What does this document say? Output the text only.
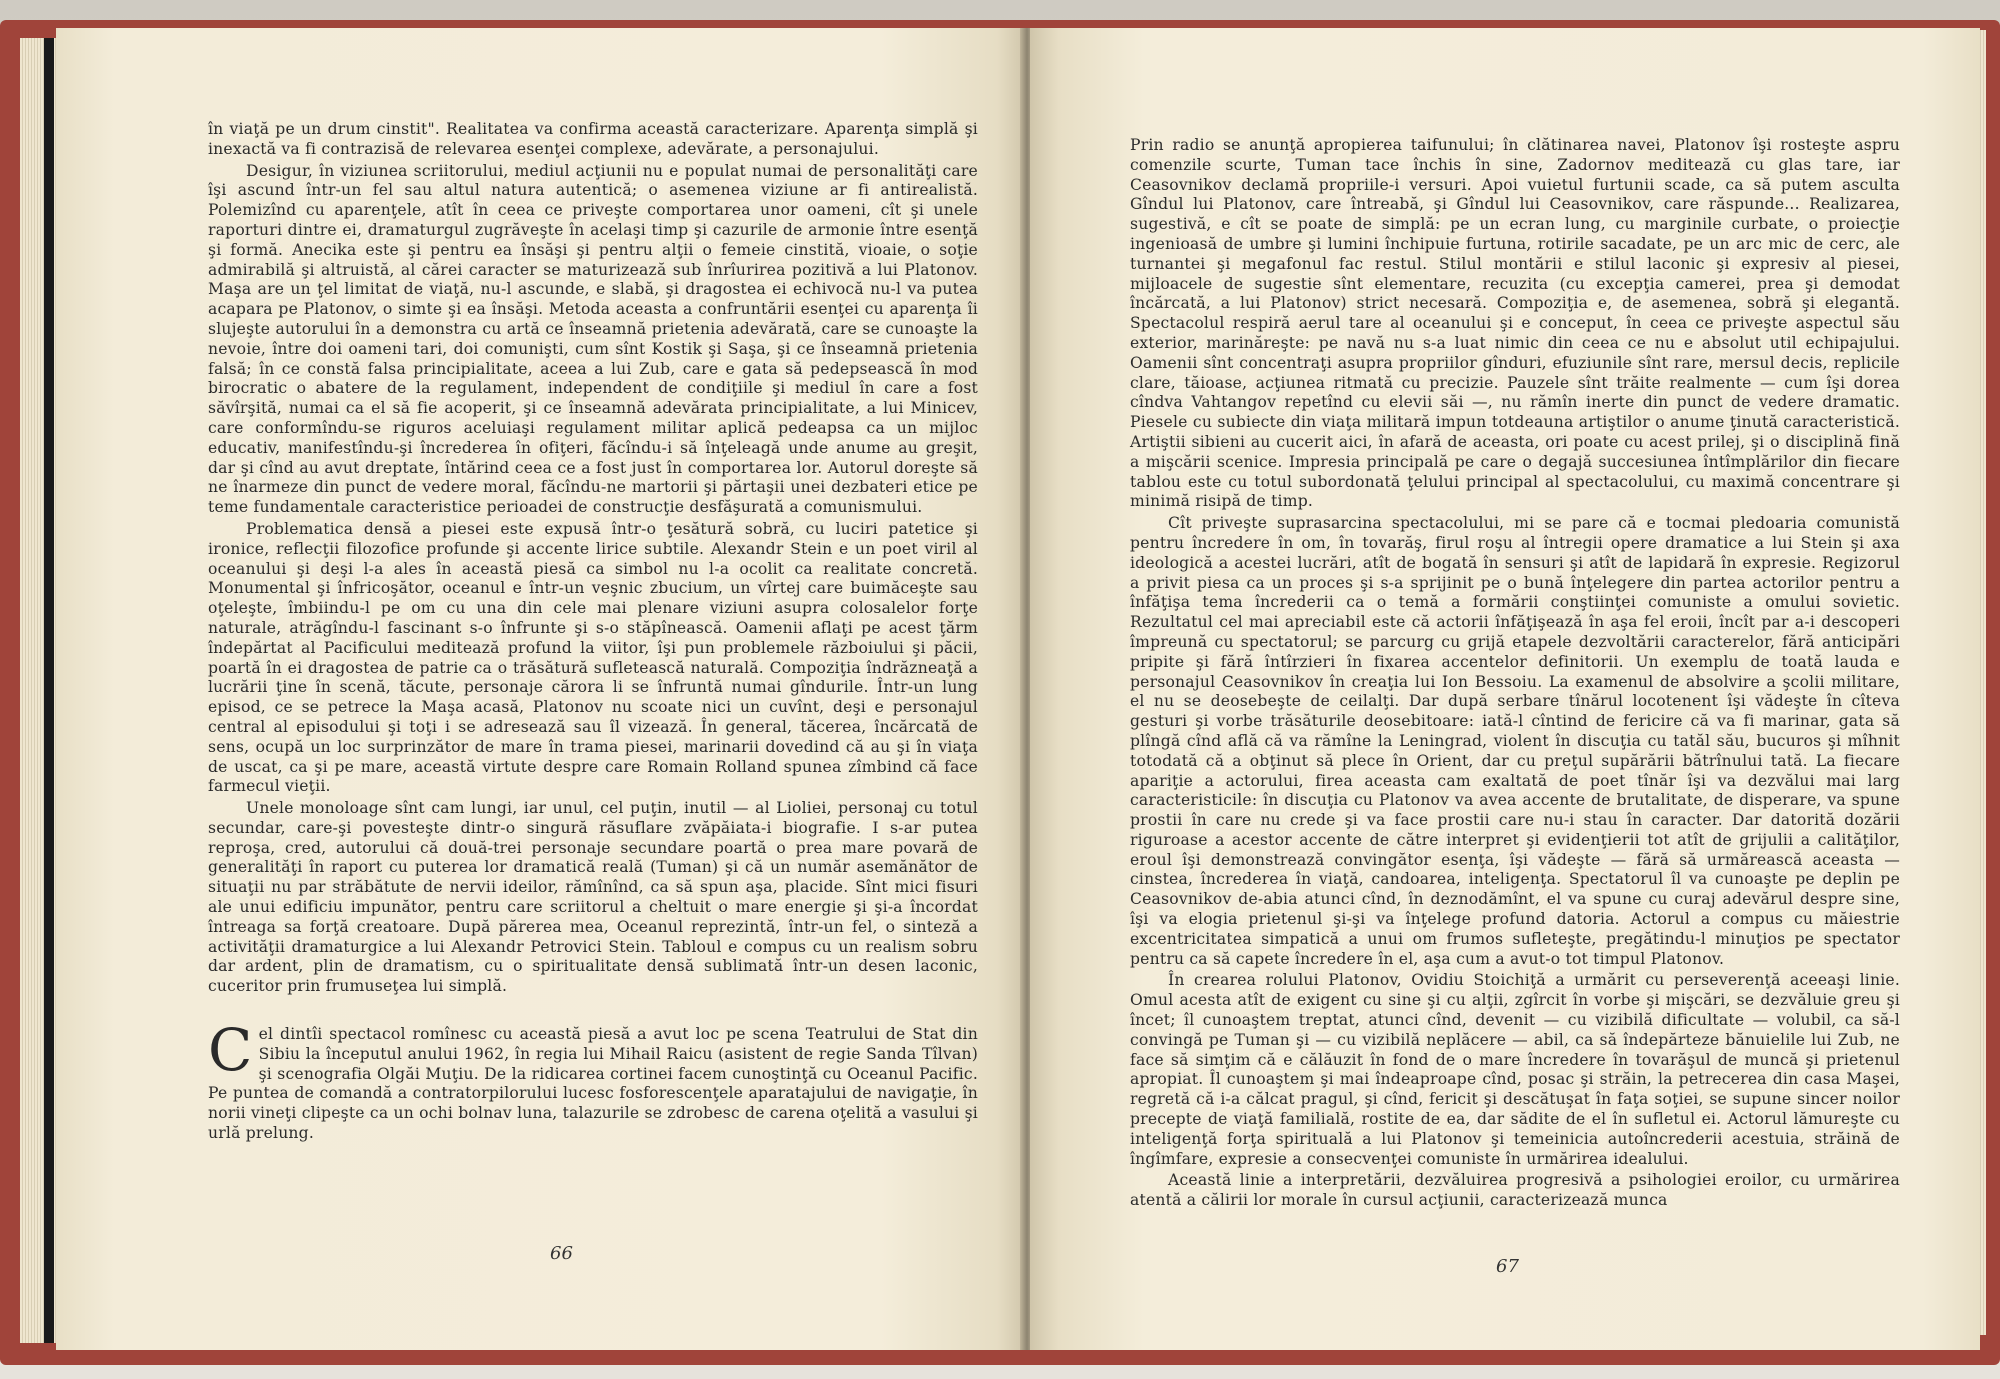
în viaţă pe un drum cinstit". Realitatea va confirma această caracterizare. Aparenţa simplă şi inexactă va fi contrazisă de relevarea esenţei complexe, adevărate, a personajului.

Desigur, în viziunea scriitorului, mediul acţiunii nu e populat numai de personalităţi care îşi ascund într-un fel sau altul natura autentică; o asemenea viziune ar fi antirealistă. Polemizînd cu aparenţele, atît în ceea ce priveşte comportarea unor oameni, cît şi unele raporturi dintre ei, dramaturgul zugrăveşte în acelaşi timp şi cazurile de armonie între esenţă şi formă. Anecika este şi pentru ea însăşi şi pentru alţii o femeie cinstită, vioaie, o soţie admirabilă şi altruistă, al cărei caracter se maturizează sub înrîurirea pozitivă a lui Platonov. Maşa are un ţel limitat de viaţă, nu-l ascunde, e slabă, şi dragostea ei echivocă nu-l va putea acapara pe Platonov, o simte şi ea însăşi. Metoda aceasta a confruntării esenţei cu aparenţa îi slujeşte autorului în a demonstra cu artă ce înseamnă prietenia adevărată, care se cunoaşte la nevoie, între doi oameni tari, doi comunişti, cum sînt Kostik şi Saşa, şi ce înseamnă prietenia falsă; în ce constă falsa principialitate, aceea a lui Zub, care e gata să pedepsească în mod birocratic o abatere de la regulament, independent de condiţiile şi mediul în care a fost săvîrşită, numai ca el să fie acoperit, şi ce înseamnă adevărata principialitate, a lui Minicev, care conformîndu-se riguros aceluiaşi regulament militar aplică pedeapsa ca un mijloc educativ, manifestîndu-şi încrederea în ofiţeri, făcîndu-i să înţeleagă unde anume au greşit, dar şi cînd au avut dreptate, întărind ceea ce a fost just în comportarea lor. Autorul doreşte să ne înarmeze din punct de vedere moral, făcîndu-ne martorii şi părtaşii unei dezbateri etice pe teme fundamentale caracteristice perioadei de construcţie desfăşurată a comunismului.

Problematica densă a piesei este expusă într-o ţesătură sobră, cu luciri patetice şi ironice, reflecţii filozofice profunde şi accente lirice subtile. Alexandr Stein e un poet viril al oceanului şi deşi l-a ales în această piesă ca simbol nu l-a ocolit ca realitate concretă. Monumental şi înfricoşător, oceanul e într-un veşnic zbucium, un vîrtej care buimăceşte sau oţeleşte, îmbiindu-l pe om cu una din cele mai plenare viziuni asupra colosalelor forţe naturale, atrăgîndu-l fascinant s-o înfrunte şi s-o stăpînească. Oamenii aflaţi pe acest ţărm îndepărtat al Pacificului meditează profund la viitor, îşi pun problemele războiului şi păcii, poartă în ei dragostea de patrie ca o trăsătură sufletească naturală. Compoziţia îndrăzneaţă a lucrării ţine în scenă, tăcute, personaje cărora li se înfruntă numai gîndurile. Într-un lung episod, ce se petrece la Maşa acasă, Platonov nu scoate nici un cuvînt, deşi e personajul central al episodului şi toţi i se adresează sau îl vizează. În general, tăcerea, încărcată de sens, ocupă un loc surprinzător de mare în trama piesei, marinarii dovedind că au şi în viaţa de uscat, ca şi pe mare, această virtute despre care Romain Rolland spunea zîmbind că face farmecul vieţii.

Unele monoloage sînt cam lungi, iar unul, cel puţin, inutil — al Lioliei, personaj cu totul secundar, care-şi povesteşte dintr-o singură răsuflare zvăpăiata-i biografie. I s-ar putea reproşa, cred, autorului că două-trei personaje secundare poartă o prea mare povară de generalităţi în raport cu puterea lor dramatică reală (Tuman) şi că un număr asemănător de situaţii nu par străbătute de nervii ideilor, rămînînd, ca să spun aşa, placide. Sînt mici fisuri ale unui edificiu impunător, pentru care scriitorul a cheltuit o mare energie şi şi-a încordat întreaga sa forţă creatoare. După părerea mea, Oceanul reprezintă, într-un fel, o sinteză a activităţii dramaturgice a lui Alexandr Petrovici Stein. Tabloul e compus cu un realism sobru dar ardent, plin de dramatism, cu o spiritualitate densă sublimată într-un desen laconic, cuceritor prin frumuseţea lui simplă.

Cel dintîi spectacol romînesc cu această piesă a avut loc pe scena Teatrului de Stat din Sibiu la începutul anului 1962, în regia lui Mihail Raicu (asistent de regie Sanda Tîlvan) şi scenografia Olgăi Muţiu. De la ridicarea cortinei facem cunoştinţă cu Oceanul Pacific. Pe puntea de comandă a contratorpilorului lucesc fosforescenţele aparatajului de navigaţie, în norii vineţi clipeşte ca un ochi bolnav luna, talazurile se zdrobesc de carena oţelită a vasului şi urlă prelung.

66

Prin radio se anunţă apropierea taifunului; în clătinarea navei, Platonov îşi rosteşte aspru comenzile scurte, Tuman tace închis în sine, Zadornov meditează cu glas tare, iar Ceasovnikov declamă propriile-i versuri. Apoi vuietul furtunii scade, ca să putem asculta Gîndul lui Platonov, care întreabă, şi Gîndul lui Ceasovnikov, care răspunde... Realizarea, sugestivă, e cît se poate de simplă: pe un ecran lung, cu marginile curbate, o proiecţie ingenioasă de umbre şi lumini închipuie furtuna, rotirile sacadate, pe un arc mic de cerc, ale turnantei şi megafonul fac restul. Stilul montării e stilul laconic şi expresiv al piesei, mijloacele de sugestie sînt elementare, recuzita (cu excepţia camerei, prea şi demodat încărcată, a lui Platonov) strict necesară. Compoziţia e, de asemenea, sobră şi elegantă. Spectacolul respiră aerul tare al oceanului şi e conceput, în ceea ce priveşte aspectul său exterior, marinăreşte: pe navă nu s-a luat nimic din ceea ce nu e absolut util echipajului. Oamenii sînt concentraţi asupra propriilor gînduri, efuziunile sînt rare, mersul decis, replicile clare, tăioase, acţiunea ritmată cu precizie. Pauzele sînt trăite realmente — cum îşi dorea cîndva Vahtangov repetînd cu elevii săi —, nu rămîn inerte din punct de vedere dramatic. Piesele cu subiecte din viaţa militară impun totdeauna artiştilor o anume ţinută caracteristică. Artiştii sibieni au cucerit aici, în afară de aceasta, ori poate cu acest prilej, şi o disciplină fină a mişcării scenice. Impresia principală pe care o degajă succesiunea întîmplărilor din fiecare tablou este cu totul subordonată ţelului principal al spectacolului, cu maximă concentrare şi minimă risipă de timp.

Cît priveşte suprasarcina spectacolului, mi se pare că e tocmai pledoaria comunistă pentru încredere în om, în tovarăş, firul roşu al întregii opere dramatice a lui Stein şi axa ideologică a acestei lucrări, atît de bogată în sensuri şi atît de lapidară în expresie. Regizorul a privit piesa ca un proces şi s-a sprijinit pe o bună înţelegere din partea actorilor pentru a înfăţişa tema încrederii ca o temă a formării conştiinţei comuniste a omului sovietic. Rezultatul cel mai apreciabil este că actorii înfăţişează în aşa fel eroii, încît par a-i descoperi împreună cu spectatorul; se parcurg cu grijă etapele dezvoltării caracterelor, fără anticipări pripite şi fără întîrzieri în fixarea accentelor definitorii. Un exemplu de toată lauda e personajul Ceasovnikov în creaţia lui Ion Bessoiu. La examenul de absolvire a şcolii militare, el nu se deosebeşte de ceilalţi. Dar după serbare tînărul locotenent îşi vădeşte în cîteva gesturi şi vorbe trăsăturile deosebitoare: iată-l cîntind de fericire că va fi marinar, gata să plîngă cînd află că va rămîne la Leningrad, violent în discuţia cu tatăl său, bucuros şi mîhnit totodată că a obţinut să plece în Orient, dar cu preţul supărării bătrînului tată. La fiecare apariţie a actorului, firea aceasta cam exaltată de poet tînăr îşi va dezvălui mai larg caracteristicile: în discuţia cu Platonov va avea accente de brutalitate, de disperare, va spune prostii în care nu crede şi va face prostii care nu-i stau în caracter. Dar datorită dozării riguroase a acestor accente de către interpret şi evidenţierii tot atît de grijulii a calităţilor, eroul îşi demonstrează convingător esenţa, îşi vădeşte — fără să urmărească aceasta — cinstea, încrederea în viaţă, candoarea, inteligenţa. Spectatorul îl va cunoaşte pe deplin pe Ceasovnikov de-abia atunci cînd, în deznodămînt, el va spune cu curaj adevărul despre sine, îşi va elogia prietenul şi-şi va înţelege profund datoria. Actorul a compus cu măiestrie excentricitatea simpatică a unui om frumos sufleteşte, pregătindu-l minuţios pe spectator pentru ca să capete încredere în el, aşa cum a avut-o tot timpul Platonov.

În crearea rolului Platonov, Ovidiu Stoichiţă a urmărit cu perseverenţă aceeaşi linie. Omul acesta atît de exigent cu sine şi cu alţii, zgîrcit în vorbe şi mişcări, se dezvăluie greu şi încet; îl cunoaştem treptat, atunci cînd, devenit — cu vizibilă dificultate — volubil, ca să-l convingă pe Tuman şi — cu vizibilă neplăcere — abil, ca să îndepărteze bănuielile lui Zub, ne face să simţim că e călăuzit în fond de o mare încredere în tovarăşul de muncă şi prietenul apropiat. Îl cunoaştem şi mai îndeaproape cînd, posac şi străin, la petrecerea din casa Maşei, regretă că i-a călcat pragul, şi cînd, fericit şi descătuşat în faţa soţiei, se supune sincer noilor precepte de viaţă familială, rostite de ea, dar sădite de el în sufletul ei. Actorul lămureşte cu inteligenţă forţa spirituală a lui Platonov şi temeinicia autoîncrederii acestuia, străină de îngîmfare, expresie a consecvenţei comuniste în urmărirea idealului.

Această linie a interpretării, dezvăluirea progresivă a psihologiei eroilor, cu urmărirea atentă a călirii lor morale în cursul acţiunii, caracterizează munca

67
